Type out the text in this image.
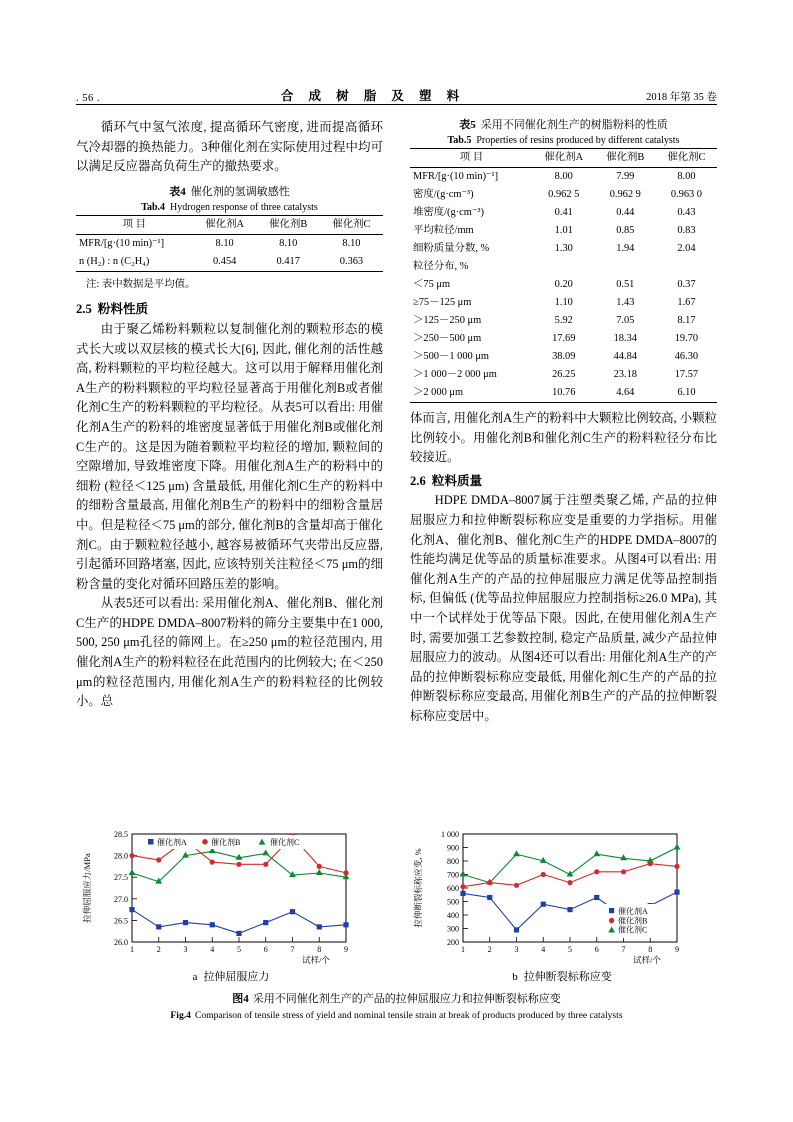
. 56 .	合 成 树 脂 及 塑 料	2018 年第 35 卷

循环气中氢气浓度, 提高循环气密度, 进而提高循环气冷却器的换热能力。3种催化剂在实际使用过程中均可以满足反应器高负荷生产的撤热要求。

表4 催化剂的氢调敏感性
Tab.4 Hydrogen response of three catalysts
项 目	催化剂A	催化剂B	催化剂C
MFR/[g·(10 min)⁻¹]	8.10	8.10	8.10
n (H₂) : n (C₂H₄)	0.454	0.417	0.363
注: 表中数据是平均值。

2.5 粉料性质

由于聚乙烯粉料颗粒以复制催化剂的颗粒形态的模式长大或以双层核的模式长大[6], 因此, 催化剂的活性越高, 粉料颗粒的平均粒径越大。这可以用于解释用催化剂A生产的粉料颗粒的平均粒径显著高于用催化剂B或者催化剂C生产的粉料颗粒的平均粒径。从表5可以看出: 用催化剂A生产的粉料的堆密度显著低于用催化剂B或催化剂C生产的。这是因为随着颗粒平均粒径的增加, 颗粒间的空隙增加, 导致堆密度下降。用催化剂A生产的粉料中的细粉 (粒径＜125 μm) 含量最低, 用催化剂C生产的粉料中的细粉含量最高, 用催化剂B生产的粉料中的细粉含量居中。但是粒径＜75 μm的部分, 催化剂B的含量却高于催化剂C。由于颗粒粒径越小, 越容易被循环气夹带出反应器, 引起循环回路堵塞, 因此, 应该特别关注粒径＜75 μm的细粉含量的变化对循环回路压差的影响。

从表5还可以看出: 采用催化剂A、催化剂B、催化剂C生产的HDPE DMDA–8007粉料的筛分主要集中在1 000, 500, 250 μm孔径的筛网上。在≥250 μm的粒径范围内, 用催化剂A生产的粉料粒径在此范围内的比例较大; 在＜250 μm的粒径范围内, 用催化剂A生产的粉料粒径的比例较小。总

表5 采用不同催化剂生产的树脂粉料的性质
Tab.5 Properties of resins produced by different catalysts
项 目	催化剂A	催化剂B	催化剂C
MFR/[g·(10 min)⁻¹]	8.00	7.99	8.00
密度/(g·cm⁻³)	0.962 5	0.962 9	0.963 0
堆密度/(g·cm⁻³)	0.41	0.44	0.43
平均粒径/mm	1.01	0.85	0.83
细粉质量分数, %	1.30	1.94	2.04
粒径分布, %			
＜75 μm	0.20	0.51	0.37
≥75－125 μm	1.10	1.43	1.67
＞125－250 μm	5.92	7.05	8.17
＞250－500 μm	17.69	18.34	19.70
＞500－1 000 μm	38.09	44.84	46.30
＞1 000－2 000 μm	26.25	23.18	17.57
＞2 000 μm	10.76	4.64	6.10

体而言, 用催化剂A生产的粉料中大颗粒比例较高, 小颗粒比例较小。用催化剂B和催化剂C生产的粉料粒径分布比较接近。

2.6 粒料质量

HDPE DMDA–8007属于注塑类聚乙烯, 产品的拉伸屈服应力和拉伸断裂标称应变是重要的力学指标。用催化剂A、催化剂B、催化剂C生产的HDPE DMDA–8007的性能均满足优等品的质量标准要求。从图4可以看出: 用催化剂A生产的产品的拉伸屈服应力满足优等品控制指标, 但偏低 (优等品拉伸屈服应力控制指标≥26.0 MPa), 其中一个试样处于优等品下限。因此, 在使用催化剂A生产时, 需要加强工艺参数控制, 稳定产品质量, 减少产品拉伸屈服应力的波动。从图4还可以看出: 用催化剂A生产的产品的拉伸断裂标称应变最低, 用催化剂C生产的产品的拉伸断裂标称应变最高, 用催化剂B生产的产品的拉伸断裂标称应变居中。

26.0
26.5
27.0
27.5
28.0
28.5
1	2	3	4	5	6	7	8	9
试样/个
拉伸屈服应力/MPa
催化剂A	催化剂B	催化剂C
a 拉伸屈服应力
200
300
400
500
600
700
800
900
1 000
1	2	3	4	5	6	7	8	9
试样/个
拉伸断裂标称应变, %	催化剂A
催化剂B
催化剂C
b 拉伸断裂标称应变
图4 采用不同催化剂生产的产品的拉伸屈服应力和拉伸断裂标称应变
Fig.4 Comparison of tensile stress of yield and nominal tensile strain at break of products produced by three catalysts
